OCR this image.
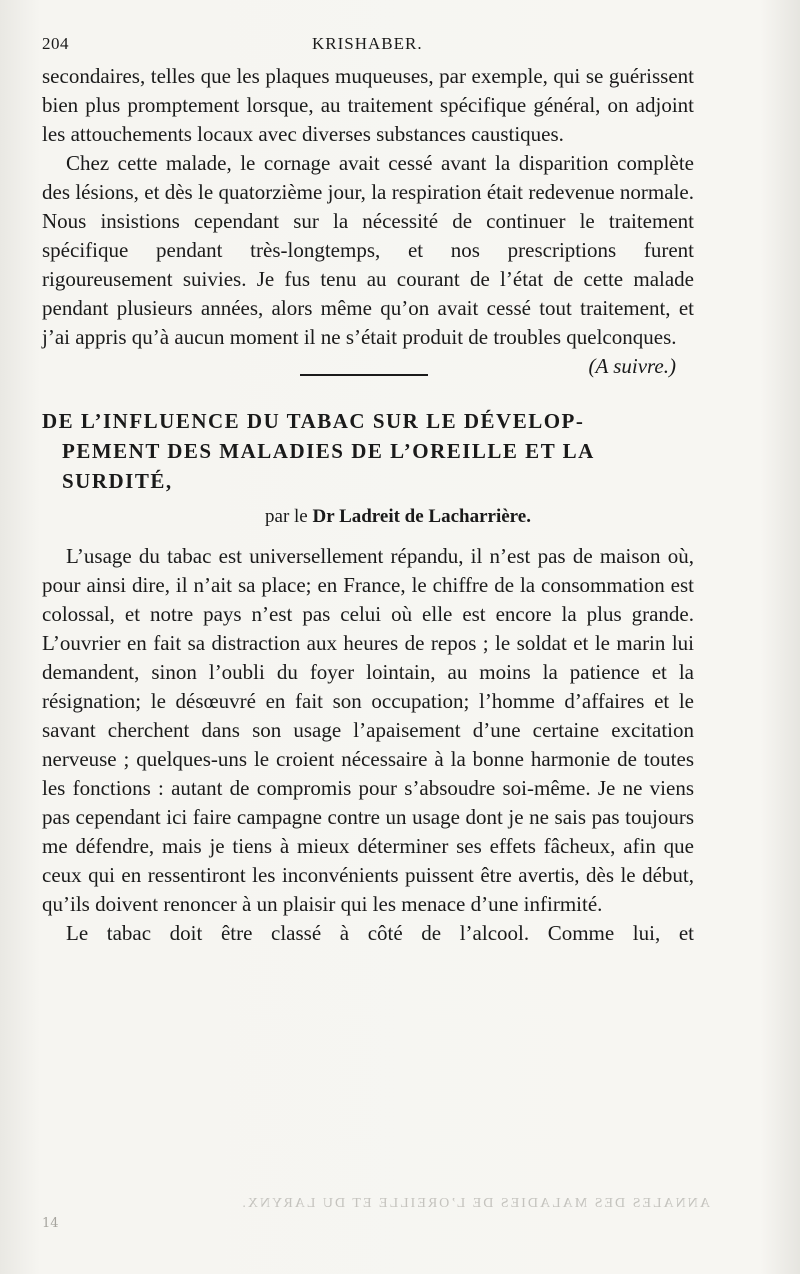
ANNALES DES MALADIES DE L’OREILLE ET DU LARYNX.
204	KRISHABER.

secondaires, telles que les plaques muqueuses, par exemple, qui se guérissent bien plus promptement lorsque, au traitement spécifique général, on adjoint les attouchements locaux avec diverses substances caustiques.

Chez cette malade, le cornage avait cessé avant la disparition complète des lésions, et dès le quatorzième jour, la respiration était redevenue normale. Nous insistions cependant sur la nécessité de continuer le traitement spécifique pendant très-longtemps, et nos prescriptions furent rigoureusement suivies. Je fus tenu au courant de l’état de cette malade pendant plusieurs années, alors même qu’on avait cessé tout traitement, et j’ai appris qu’à aucun moment il ne s’était produit de troubles quelconques.
(A suivre.)

DE L’INFLUENCE DU TABAC SUR LE DÉVELOP-
PEMENT DES MALADIES DE L’OREILLE ET LA
SURDITÉ,
par le Dr Ladreit de Lacharrière.

L’usage du tabac est universellement répandu, il n’est pas de maison où, pour ainsi dire, il n’ait sa place; en France, le chiffre de la consommation est colossal, et notre pays n’est pas celui où elle est encore la plus grande. L’ouvrier en fait sa distraction aux heures de repos ; le soldat et le marin lui demandent, sinon l’oubli du foyer lointain, au moins la patience et la résignation; le désœuvré en fait son occupation; l’homme d’affaires et le savant cherchent dans son usage l’apaisement d’une certaine excitation nerveuse ; quelques-uns le croient nécessaire à la bonne harmonie de toutes les fonctions : autant de compromis pour s’absoudre soi-même. Je ne viens pas cependant ici faire campagne contre un usage dont je ne sais pas toujours me défendre, mais je tiens à mieux déterminer ses effets fâcheux, afin que ceux qui en ressentiront les inconvénients puissent être avertis, dès le début, qu’ils doivent renoncer à un plaisir qui les menace d’une infirmité.

Le tabac doit être classé à côté de l’alcool. Comme lui, et

14
